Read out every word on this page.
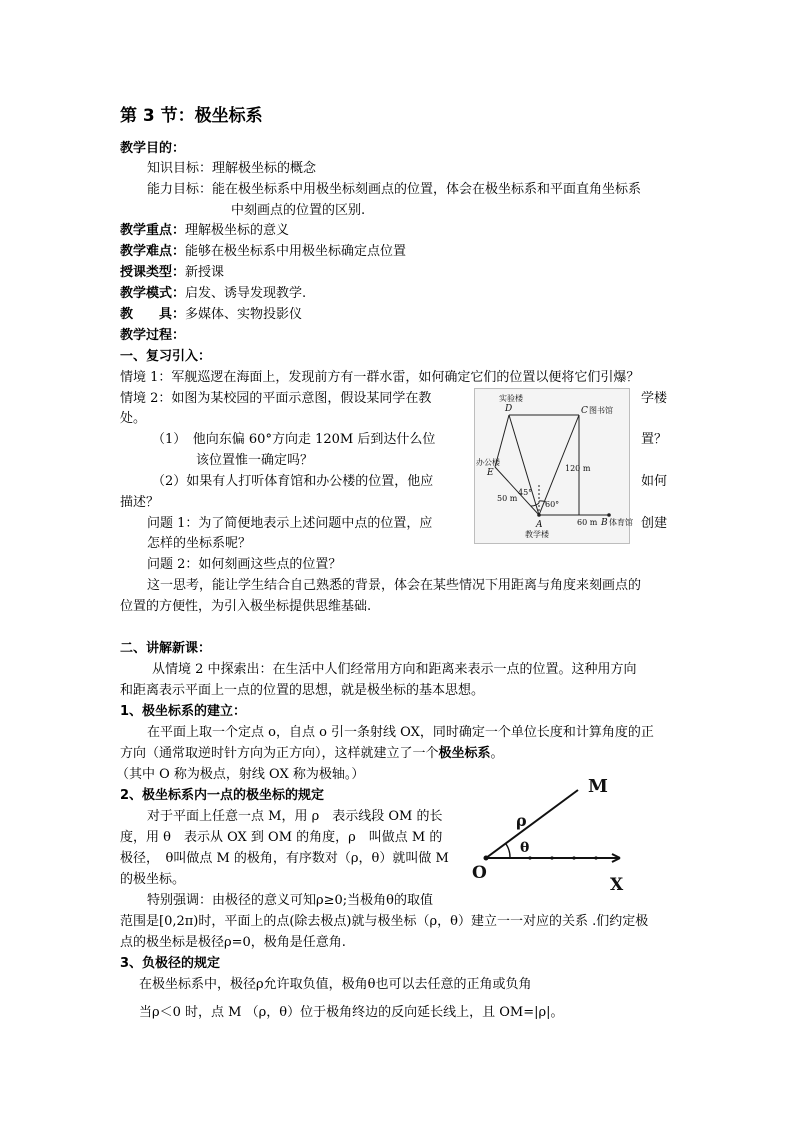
第 3 节：极坐标系
教学目的：
知识目标：理解极坐标的概念
能力目标：能在极坐标系中用极坐标刻画点的位置，体会在极坐标系和平面直角坐标系
中刻画点的位置的区别.
教学重点：理解极坐标的意义
教学难点：能够在极坐标系中用极坐标确定点位置
授课类型：新授课
教学模式：启发、诱导发现教学.
教　　具：多媒体、实物投影仪
教学过程：
一、复习引入：
情境 1：军舰巡逻在海面上，发现前方有一群水雷，如何确定它们的位置以便将它们引爆？
情境 2：如图为某校园的平面示意图，假设某同学在教	学楼
处。
（1）　他向东偏 60°方向走 120M 后到达什么位	置？
该位置惟一确定吗？
（2）如果有人打听体育馆和办公楼的位置，他应	如何
描述？
问题 1：为了简便地表示上述问题中点的位置，应	创建
怎样的坐标系呢？
问题 2：如何刻画这些点的位置？
这一思考，能让学生结合自己熟悉的背景，体会在某些情况下用距离与角度来刻画点的
位置的方便性，为引入极坐标提供思维基础.
D
实验楼
C 图书馆
E
办公楼
A
教学楼
B 体育馆
120 m
50 m
60 m
45°
60°
二、讲解新课：
从情境 2 中探索出：在生活中人们经常用方向和距离来表示一点的位置。这种用方向
和距离表示平面上一点的位置的思想，就是极坐标的基本思想。
1、极坐标系的建立：
在平面上取一个定点 o，自点 o 引一条射线 OX，同时确定一个单位长度和计算角度的正
方向（通常取逆时针方向为正方向），这样就建立了一个极坐标系。
（其中 O 称为极点，射线 OX 称为极轴。）
2、极坐标系内一点的极坐标的规定
对于平面上任意一点 M，用 ρ　表示线段 OM 的长
度，用 θ　表示从 OX 到 OM 的角度，ρ　叫做点 M 的
极径，　θ叫做点 M 的极角，有序数对（ρ，θ）就叫做 M
的极坐标。
特别强调：由极径的意义可知ρ≥0;当极角θ的取值
范围是[0,2π)时，平面上的点(除去极点)就与极坐标（ρ，θ）建立一一对应的关系 .们约定极
点的极坐标是极径ρ=0，极角是任意角.
3、负极径的规定
在极坐标系中，极径ρ允许取负值，极角θ也可以去任意的正角或负角
当ρ＜0 时，点 M （ρ，θ）位于极角终边的反向延长线上，且 OM=|ρ|。
M
ρ
θ
O
X
